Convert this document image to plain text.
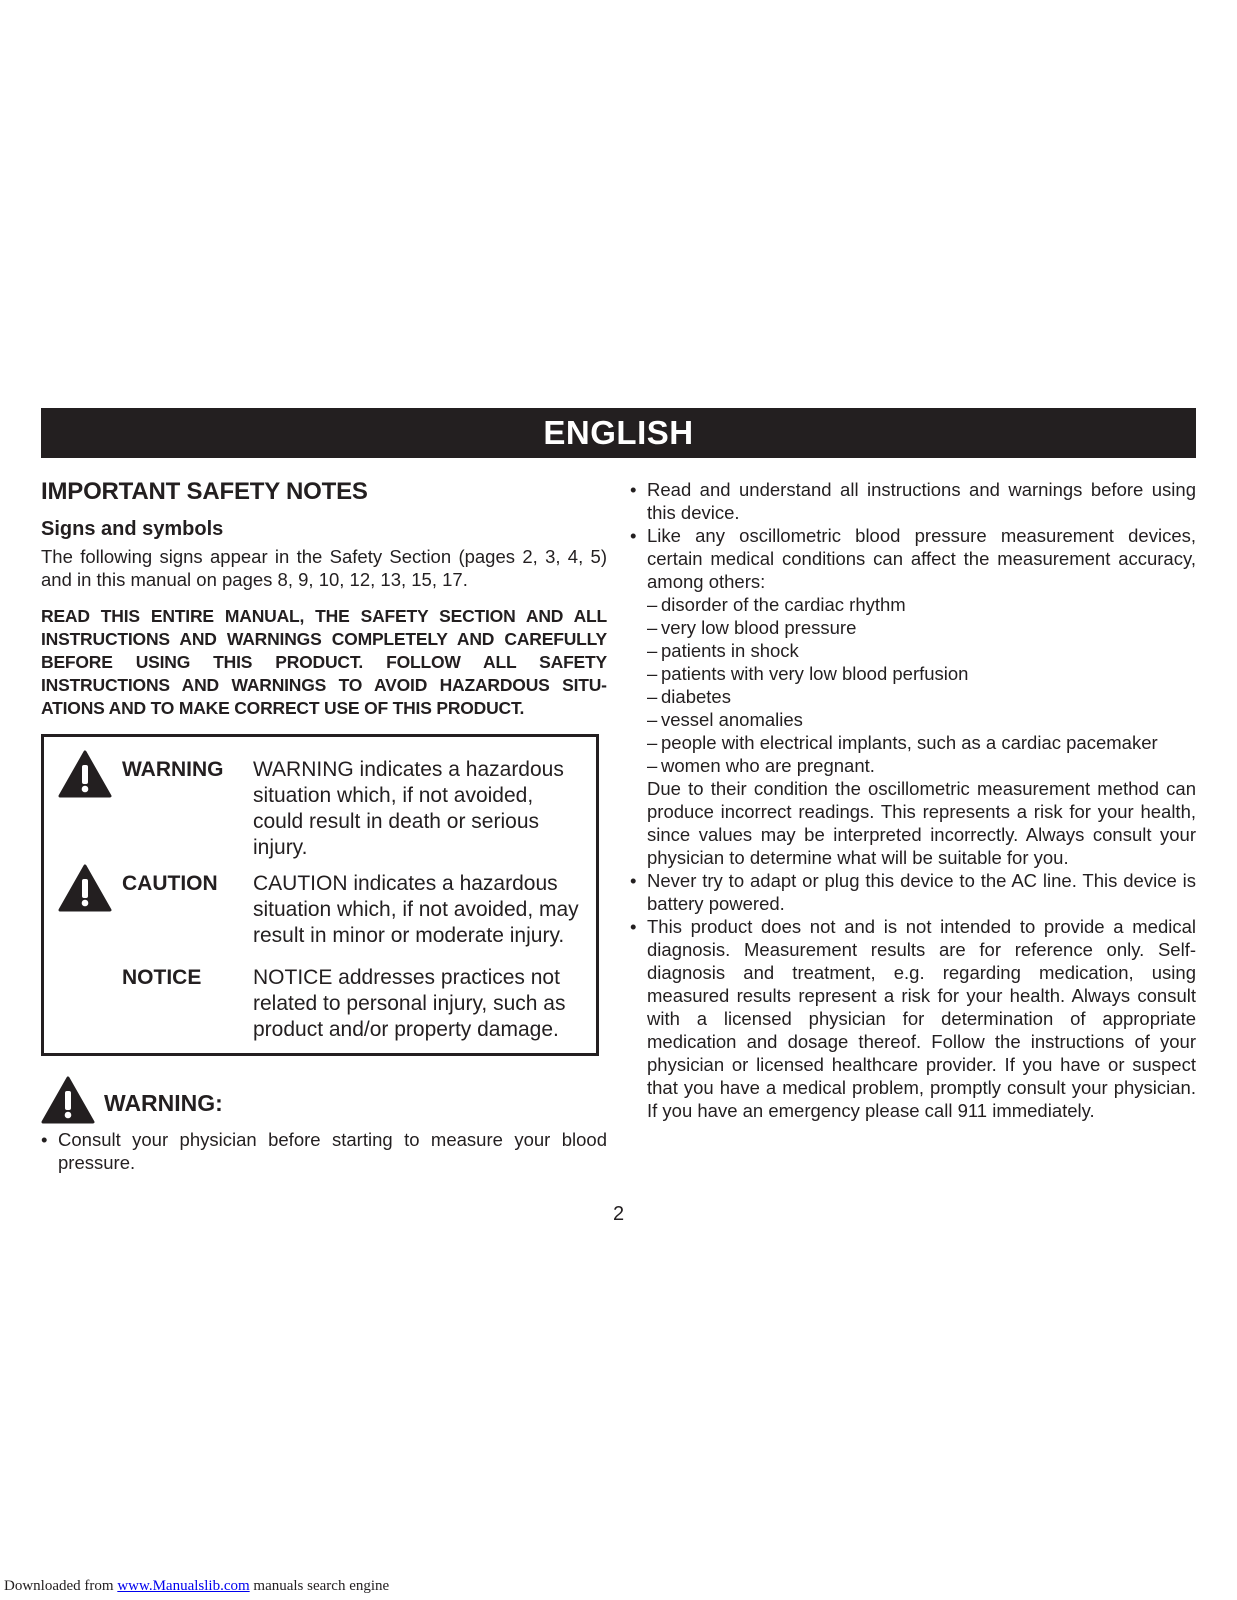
ENGLISH
IMPORTANT SAFETY NOTES
Signs and symbols

The following signs appear in the Safety Section (pages 2, 3, 4, 5) and in this manual on pages 8, 9, 10, 12, 13, 15, 17.

READ THIS ENTIRE MANUAL, THE SAFETY SECTION AND ALL INSTRUCTIONS AND WARNINGS COMPLETELY AND CAREFULLY BEFORE USING THIS PRODUCT. FOLLOW ALL SAFETY INSTRUCTIONS AND WARNINGS TO AVOID HAZARDOUS SITUATIONS AND TO MAKE CORRECT USE OF THIS PRODUCT.

WARNING WARNING indicates a hazardous situation which, if not avoided, could result in death or serious injury.
CAUTION CAUTION indicates a hazardous situation which, if not avoided, may result in minor or moderate injury.
NOTICE NOTICE addresses practices not related to personal injury, such as product and/or property damage.
WARNING:
• Consult your physician before starting to measure your blood pressure.
• Read and understand all instructions and warnings before using this device.
• Like any oscillometric blood pressure measurement devices, certain medical conditions can affect the measurement accuracy, among others:
– disorder of the cardiac rhythm
– very low blood pressure
– patients in shock
– patients with very low blood perfusion
– diabetes
– vessel anomalies
– people with electrical implants, such as a cardiac pacemaker
– women who are pregnant.
Due to their condition the oscillometric measurement method can produce incorrect readings. This represents a risk for your health, since values may be interpreted incorrectly. Always consult your physician to determine what will be suitable for you.
• Never try to adapt or plug this device to the AC line. This device is battery powered.
• This product does not and is not intended to provide a medical diagnosis. Measurement results are for reference only. Self-diagnosis and treatment, e.g. regarding medication, using measured results represent a risk for your health. Always consult with a licensed physician for determination of appropriate medication and dosage thereof. Follow the instructions of your physician or licensed healthcare provider. If you have or suspect that you have a medical problem, promptly consult your physician. If you have an emergency please call 911 immediately.
2
Downloaded from www.Manualslib.com manuals search engine
